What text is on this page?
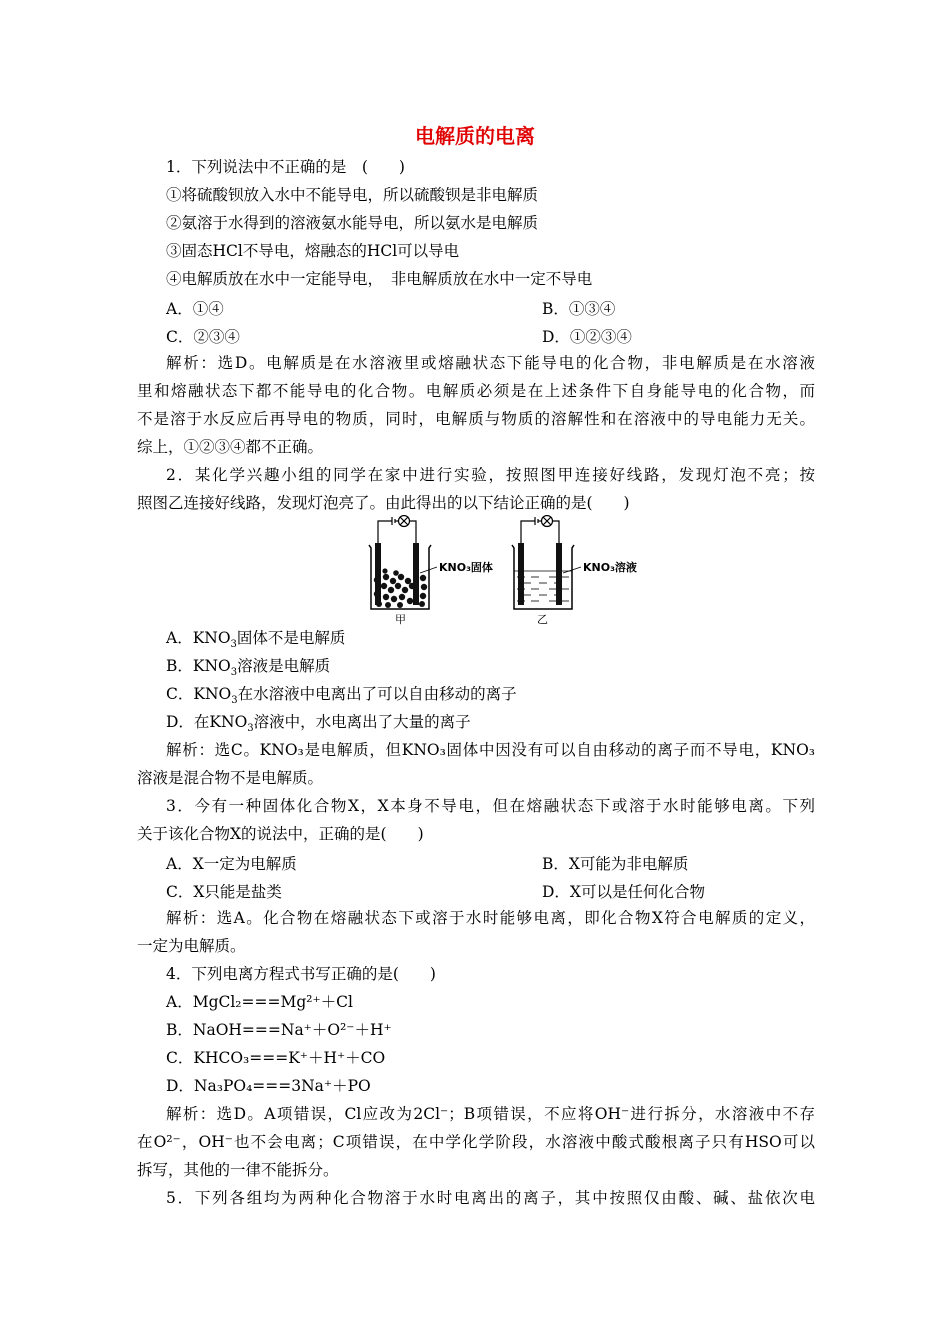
电解质的电离
1．下列说法中不正确的是　(　　)
①将硫酸钡放入水中不能导电，所以硫酸钡是非电解质
②氨溶于水得到的溶液氨水能导电，所以氨水是电解质
③固态HCl不导电，熔融态的HCl可以导电
④电解质放在水中一定能导电，　非电解质放在水中一定不导电
A．①④	B．①③④
C．②③④	D．①②③④
解析：选D。电解质是在水溶液里或熔融状态下能导电的化合物，非电解质是在水溶液
里和熔融状态下都不能导电的化合物。电解质必须是在上述条件下自身能导电的化合物，而
不是溶于水反应后再导电的物质，同时，电解质与物质的溶解性和在溶液中的导电能力无关。
综上，①②③④都不正确。
2．某化学兴趣小组的同学在家中进行实验，按照图甲连接好线路，发现灯泡不亮；按
照图乙连接好线路，发现灯泡亮了。由此得出的以下结论正确的是(　　)
KNO₃固体
甲
KNO₃溶液
乙
A．$KNO_3$固体不是电解质
B．$KNO_3$溶液是电解质
C．$KNO_3$在水溶液中电离出了可以自由移动的离子
D．在$KNO_3$溶液中，水电离出了大量的离子
解析：选C。KNO₃是电解质，但KNO₃固体中因没有可以自由移动的离子而不导电，KNO₃
溶液是混合物不是电解质。
3．今有一种固体化合物X，X本身不导电，但在熔融状态下或溶于水时能够电离。下列
关于该化合物X的说法中，正确的是(　　)
A．X一定为电解质	B．X可能为非电解质
C．X只能是盐类	D．X可以是任何化合物
解析：选A。化合物在熔融状态下或溶于水时能够电离，即化合物X符合电解质的定义，
一定为电解质。
4．下列电离方程式书写正确的是(　　)
A．MgCl₂===Mg²⁺＋Cl
B．NaOH===Na⁺＋O²⁻＋H⁺
C．KHCO₃===K⁺＋H⁺＋CO
D．Na₃PO₄===3Na⁺＋PO
解析：选D。A项错误，Cl应改为2Cl⁻；B项错误，不应将OH⁻进行拆分，水溶液中不存
在O²⁻，OH⁻也不会电离；C项错误，在中学化学阶段，水溶液中酸式酸根离子只有HSO可以
拆写，其他的一律不能拆分。
5．下列各组均为两种化合物溶于水时电离出的离子，其中按照仅由酸、碱、盐依次电
